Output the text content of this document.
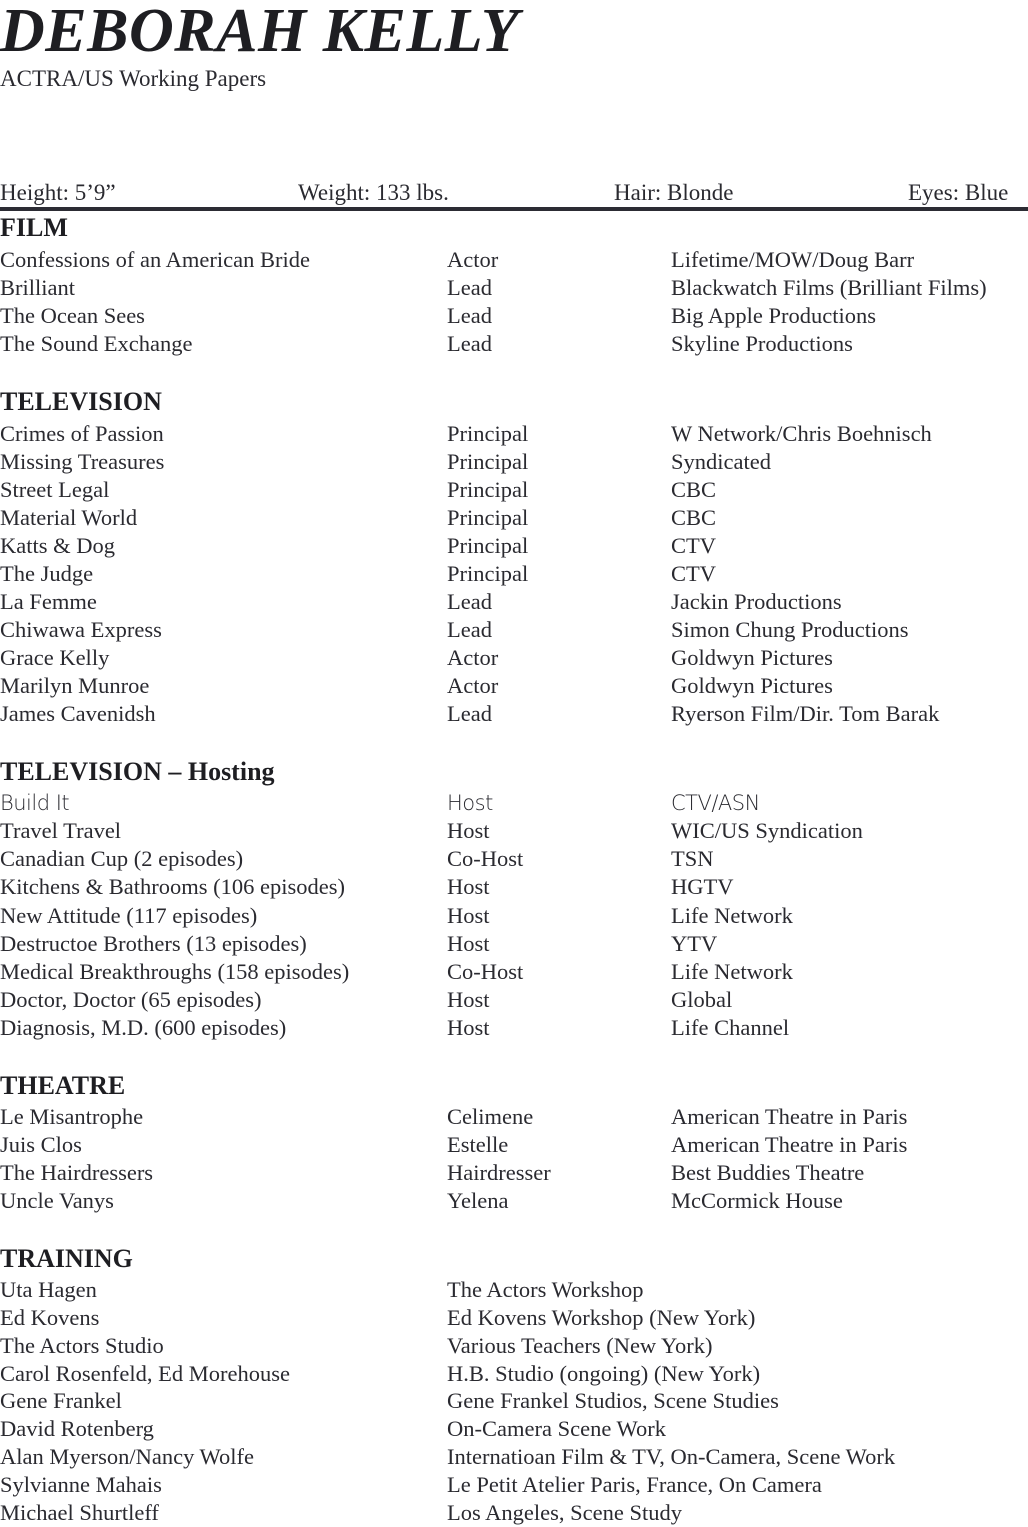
DEBORAH KELLY
ACTRA/US Working Papers
Height: 5’9”	Weight: 133 lbs.	Hair: Blonde	Eyes: Blue
FILM
Confessions of an American Bride	Actor	Lifetime/MOW/Doug Barr
Brilliant	Lead	Blackwatch Films (Brilliant Films)
The Ocean Sees	Lead	Big Apple Productions
The Sound Exchange	Lead	Skyline Productions
TELEVISION
Crimes of Passion	Principal	W Network/Chris Boehnisch
Missing Treasures	Principal	Syndicated
Street Legal	Principal	CBC
Material World	Principal	CBC
Katts & Dog	Principal	CTV
The Judge	Principal	CTV
La Femme	Lead	Jackin Productions
Chiwawa Express	Lead	Simon Chung Productions
Grace Kelly	Actor	Goldwyn Pictures
Marilyn Munroe	Actor	Goldwyn Pictures
James Cavenidsh	Lead	Ryerson Film/Dir. Tom Barak
TELEVISION – Hosting
Build It	Host	CTV/ASN
Travel Travel	Host	WIC/US Syndication
Canadian Cup (2 episodes)	Co-Host	TSN
Kitchens & Bathrooms (106 episodes)	Host	HGTV
New Attitude (117 episodes)	Host	Life Network
Destructoe Brothers (13 episodes)	Host	YTV
Medical Breakthroughs (158 episodes)	Co-Host	Life Network
Doctor, Doctor (65 episodes)	Host	Global
Diagnosis, M.D. (600 episodes)	Host	Life Channel
THEATRE
Le Misantrophe	Celimene	American Theatre in Paris
Juis Clos	Estelle	American Theatre in Paris
The Hairdressers	Hairdresser	Best Buddies Theatre
Uncle Vanys	Yelena	McCormick House
TRAINING
Uta Hagen	The Actors Workshop
Ed Kovens	Ed Kovens Workshop (New York)
The Actors Studio	Various Teachers (New York)
Carol Rosenfeld, Ed Morehouse	H.B. Studio (ongoing) (New York)
Gene Frankel	Gene Frankel Studios, Scene Studies
David Rotenberg	On-Camera Scene Work
Alan Myerson/Nancy Wolfe	Internatioan Film & TV, On-Camera, Scene Work
Sylvianne Mahais	Le Petit Atelier Paris, France, On Camera
Michael Shurtleff	Los Angeles, Scene Study
